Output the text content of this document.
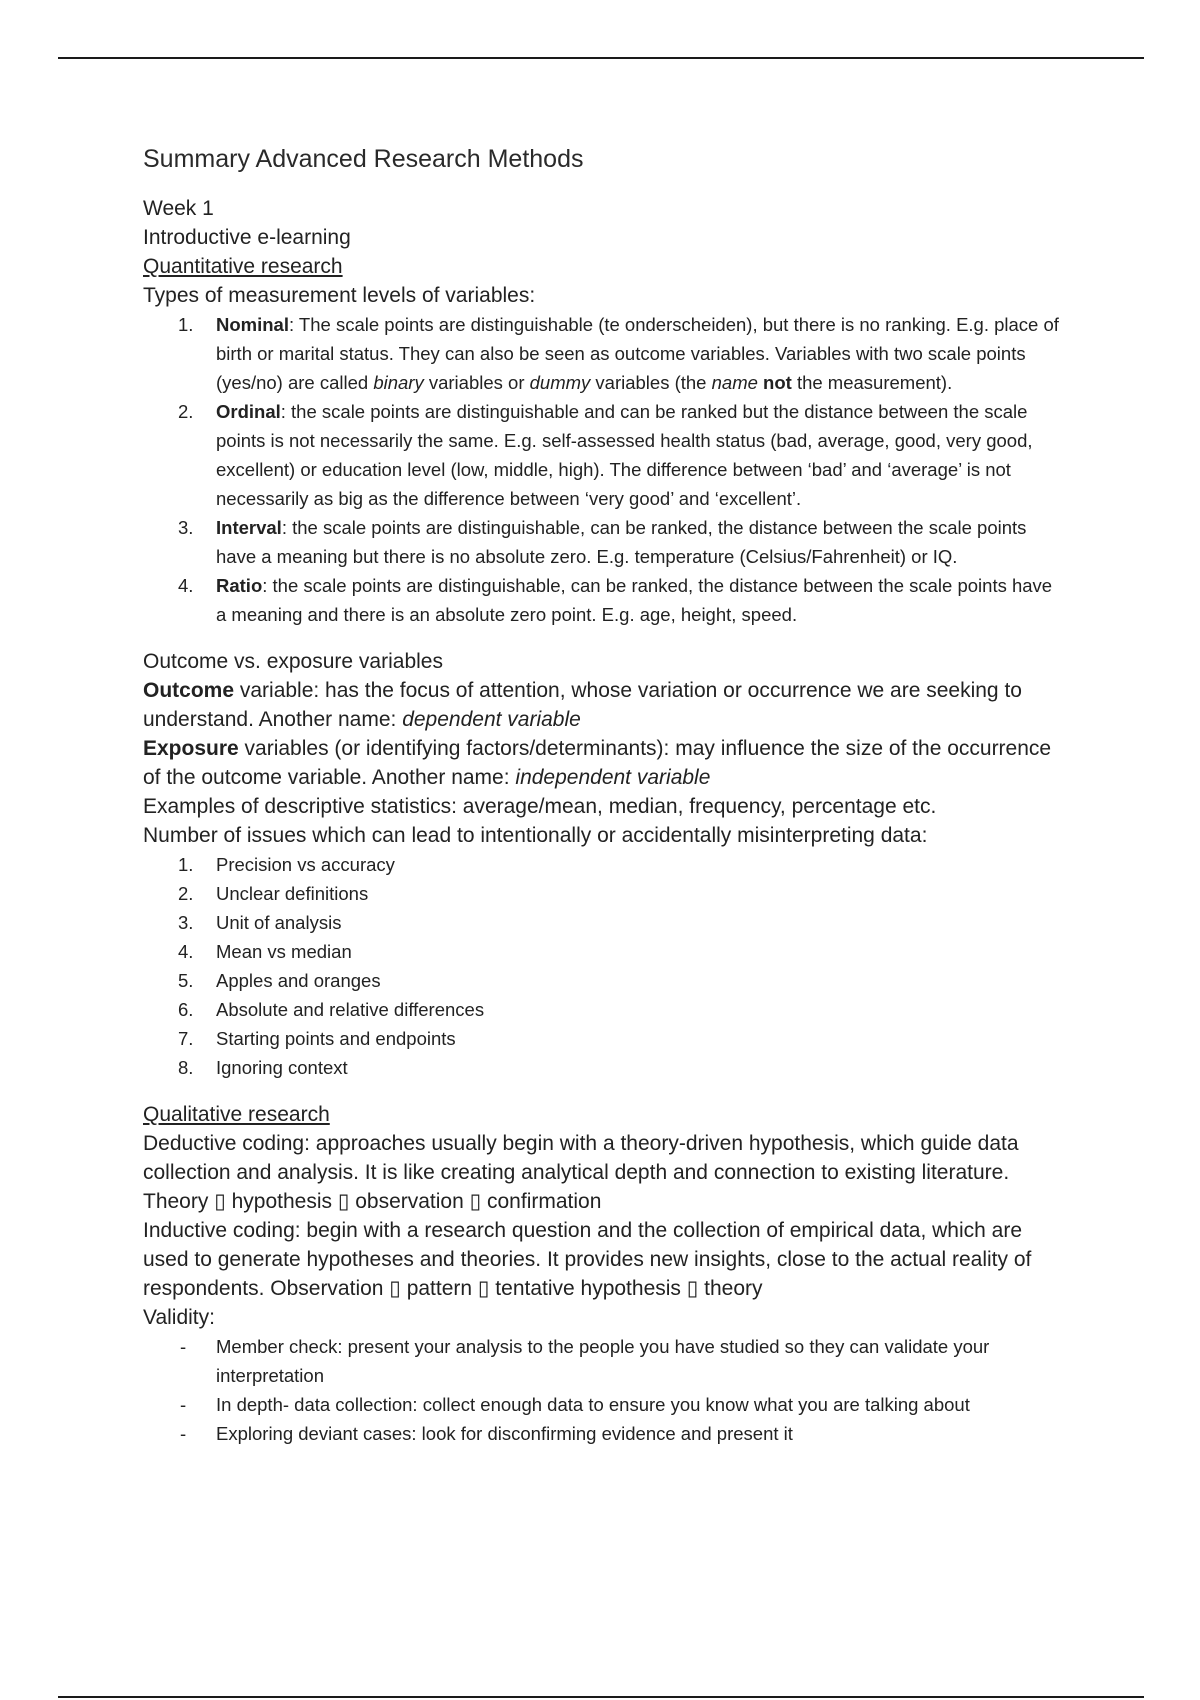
Summary Advanced Research Methods

Week 1

Introductive e-learning

Quantitative research

Types of measurement levels of variables:

1. Nominal: The scale points are distinguishable (te onderscheiden), but there is no ranking. E.g. place of birth or marital status. They can also be seen as outcome variables. Variables with two scale points (yes/no) are called binary variables or dummy variables (the name not the measurement).
2. Ordinal: the scale points are distinguishable and can be ranked but the distance between the scale points is not necessarily the same. E.g. self-assessed health status (bad, average, good, very good, excellent) or education level (low, middle, high). The difference between ‘bad’ and ‘average’ is not necessarily as big as the difference between ‘very good’ and ‘excellent’.
3. Interval: the scale points are distinguishable, can be ranked, the distance between the scale points have a meaning but there is no absolute zero. E.g. temperature (Celsius/Fahrenheit) or IQ.
4. Ratio: the scale points are distinguishable, can be ranked, the distance between the scale points have a meaning and there is an absolute zero point. E.g. age, height, speed.

Outcome vs. exposure variables

Outcome variable: has the focus of attention, whose variation or occurrence we are seeking to understand. Another name: dependent variable

Exposure variables (or identifying factors/determinants): may influence the size of the occurrence of the outcome variable. Another name: independent variable

Examples of descriptive statistics: average/mean, median, frequency, percentage etc.

Number of issues which can lead to intentionally or accidentally misinterpreting data:

1. Precision vs accuracy
2. Unclear definitions
3. Unit of analysis
4. Mean vs median
5. Apples and oranges
6. Absolute and relative differences
7. Starting points and endpoints
8. Ignoring context

Qualitative research

Deductive coding: approaches usually begin with a theory-driven hypothesis, which guide data collection and analysis. It is like creating analytical depth and connection to existing literature. Theory ▯ hypothesis ▯ observation ▯ confirmation

Inductive coding: begin with a research question and the collection of empirical data, which are used to generate hypotheses and theories. It provides new insights, close to the actual reality of respondents. Observation ▯ pattern ▯ tentative hypothesis ▯ theory

Validity:

- Member check: present your analysis to the people you have studied so they can validate your interpretation
- In depth- data collection: collect enough data to ensure you know what you are talking about
- Exploring deviant cases: look for disconfirming evidence and present it
